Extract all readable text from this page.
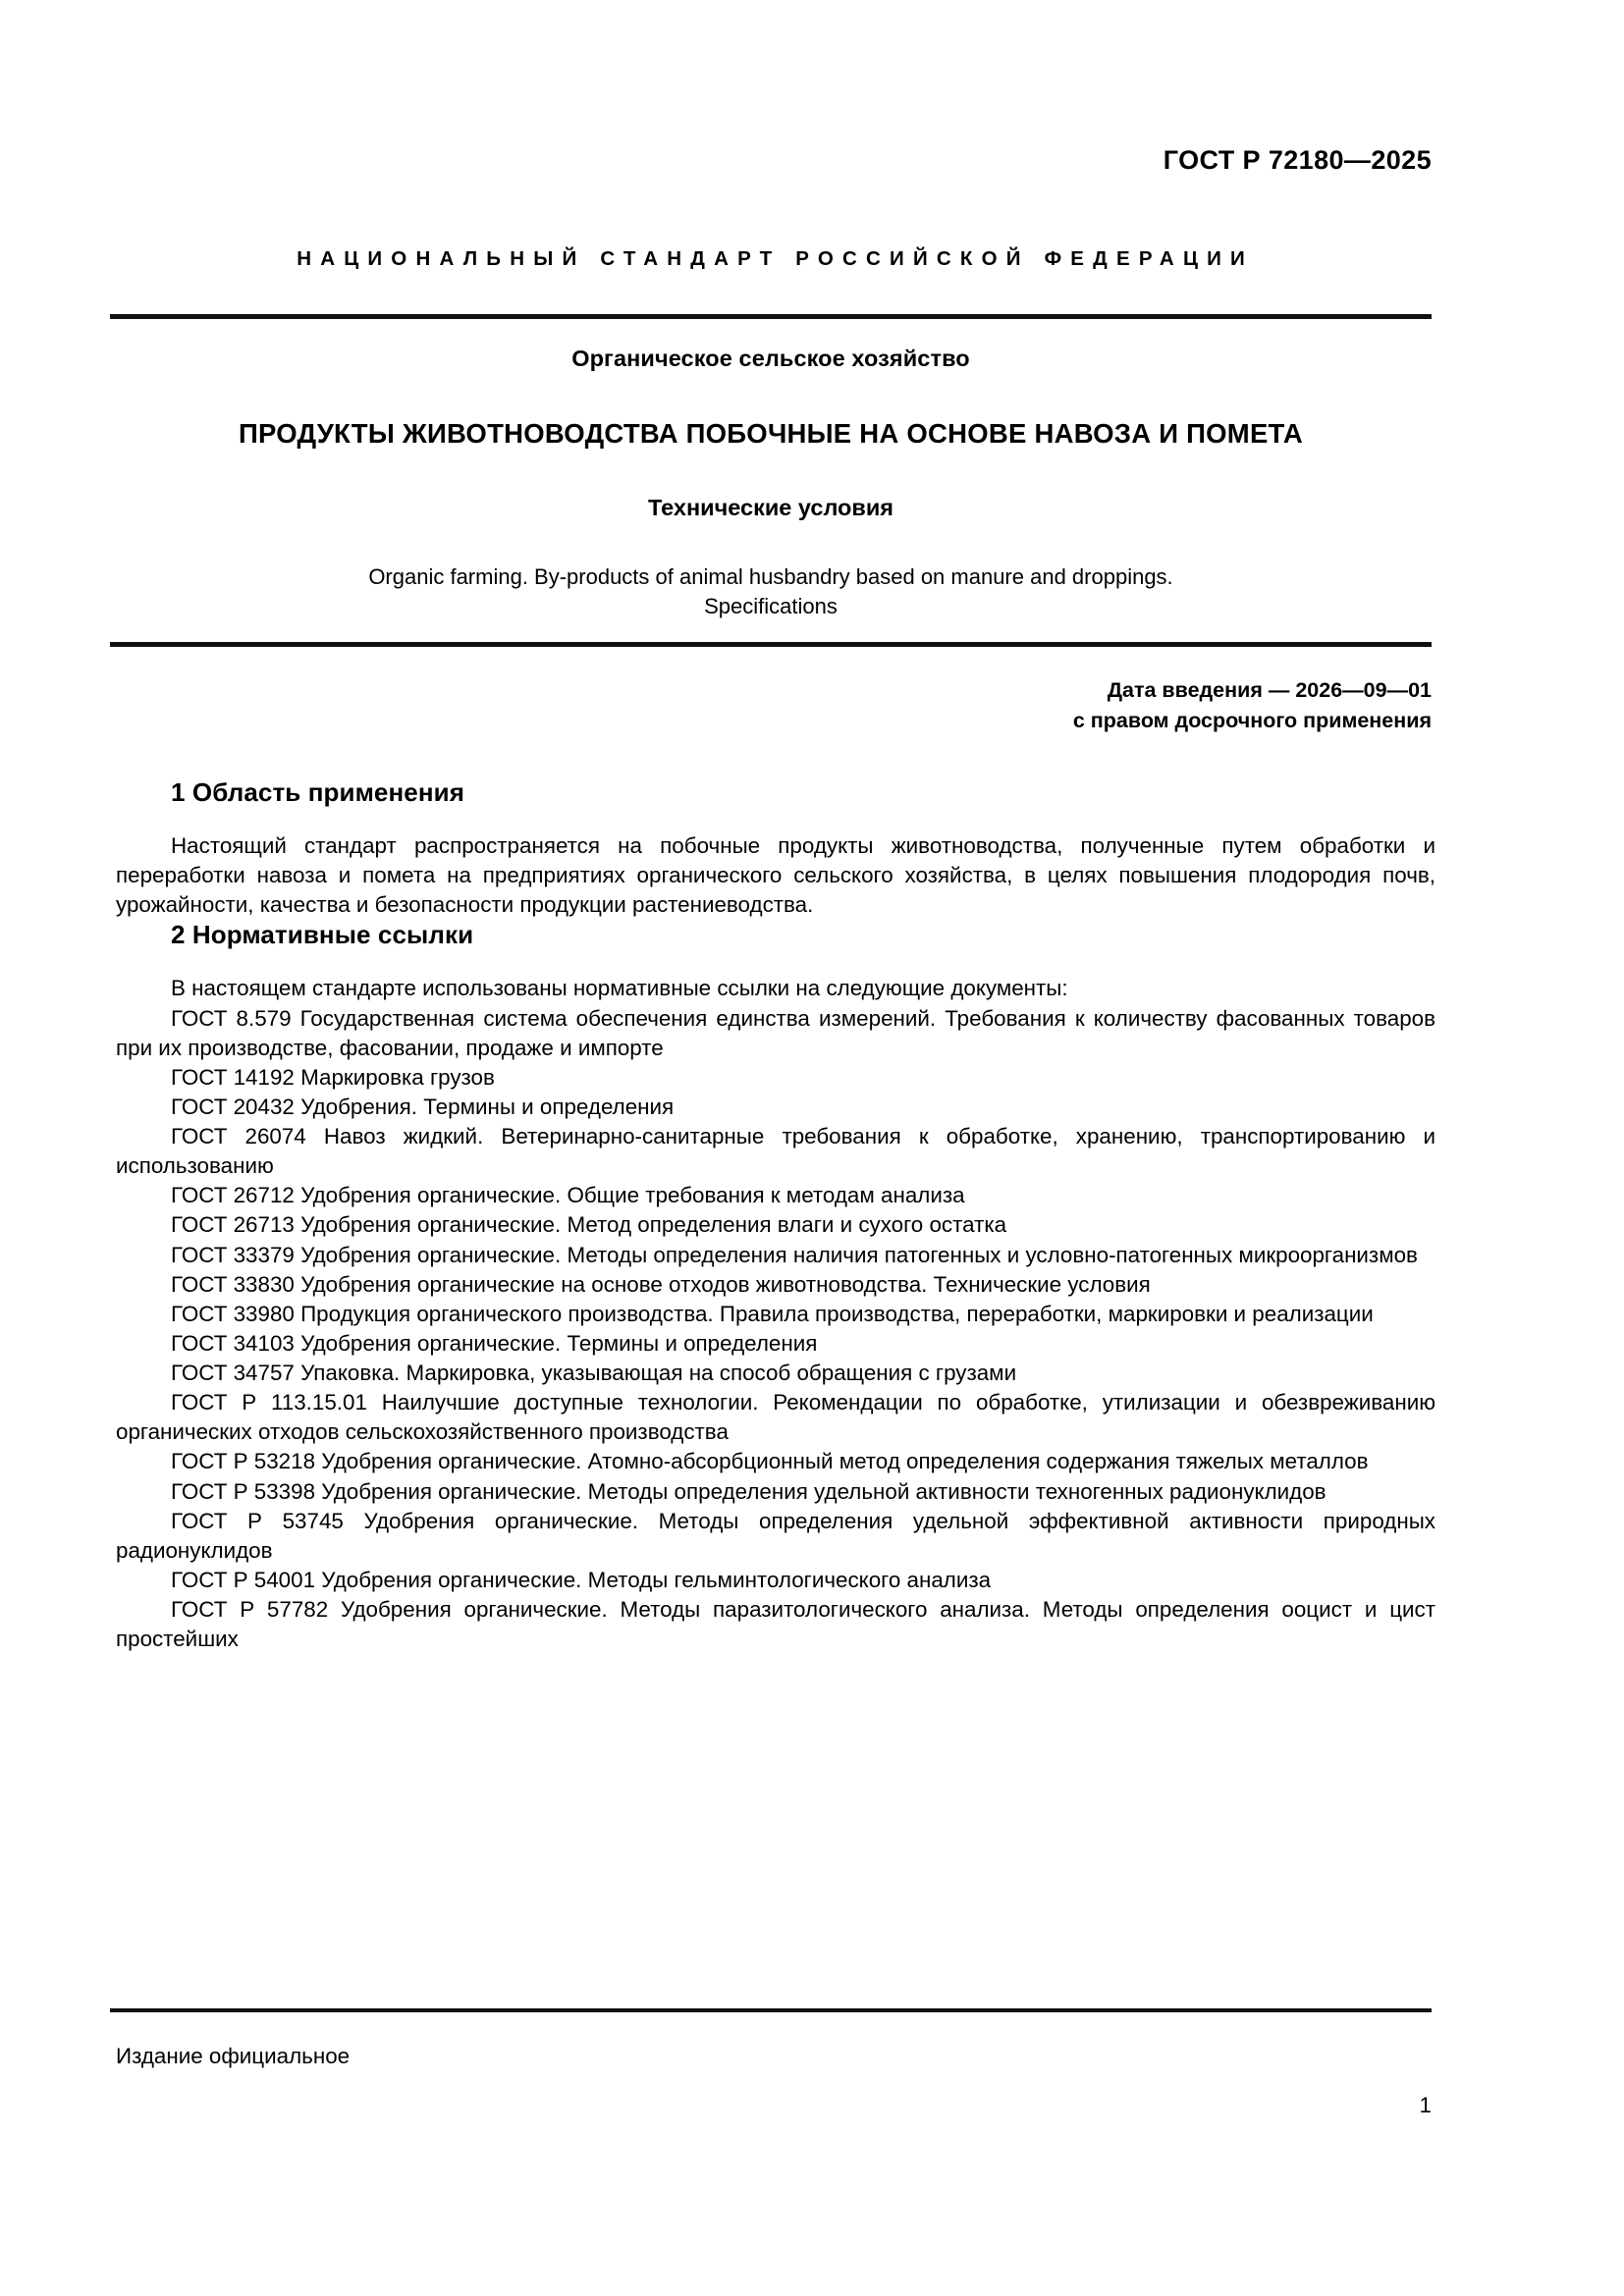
ГОСТ Р 72180—2025
НАЦИОНАЛЬНЫЙ СТАНДАРТ РОССИЙСКОЙ ФЕДЕРАЦИИ

Органическое сельское хозяйство

ПРОДУКТЫ ЖИВОТНОВОДСТВА ПОБОЧНЫЕ НА ОСНОВЕ НАВОЗА И ПОМЕТА

Технические условия

Organic farming. By-products of animal husbandry based on manure and droppings.
Specifications

Дата введения — 2026—09—01
с правом досрочного применения
1 Область применения

Настоящий стандарт распространяется на побочные продукты животноводства, полученные путем обработки и переработки навоза и помета на предприятиях органического сельского хозяйства, в целях повышения плодородия почв, урожайности, качества и безопасности продукции растениеводства.

2 Нормативные ссылки

В настоящем стандарте использованы нормативные ссылки на следующие документы:

ГОСТ 8.579 Государственная система обеспечения единства измерений. Требования к количеству фасованных товаров при их производстве, фасовании, продаже и импорте

ГОСТ 14192 Маркировка грузов

ГОСТ 20432 Удобрения. Термины и определения

ГОСТ 26074 Навоз жидкий. Ветеринарно-санитарные требования к обработке, хранению, транспортированию и использованию

ГОСТ 26712 Удобрения органические. Общие требования к методам анализа

ГОСТ 26713 Удобрения органические. Метод определения влаги и сухого остатка

ГОСТ 33379 Удобрения органические. Методы определения наличия патогенных и условно-патогенных микроорганизмов

ГОСТ 33830 Удобрения органические на основе отходов животноводства. Технические условия

ГОСТ 33980 Продукция органического производства. Правила производства, переработки, маркировки и реализации

ГОСТ 34103 Удобрения органические. Термины и определения

ГОСТ 34757 Упаковка. Маркировка, указывающая на способ обращения с грузами

ГОСТ Р 113.15.01 Наилучшие доступные технологии. Рекомендации по обработке, утилизации и обезвреживанию органических отходов сельскохозяйственного производства

ГОСТ Р 53218 Удобрения органические. Атомно-абсорбционный метод определения содержания тяжелых металлов

ГОСТ Р 53398 Удобрения органические. Методы определения удельной активности техногенных радионуклидов

ГОСТ Р 53745 Удобрения органические. Методы определения удельной эффективной активности природных радионуклидов

ГОСТ Р 54001 Удобрения органические. Методы гельминтологического анализа

ГОСТ Р 57782 Удобрения органические. Методы паразитологического анализа. Методы определения ооцист и цист простейших

Издание официальное
1
